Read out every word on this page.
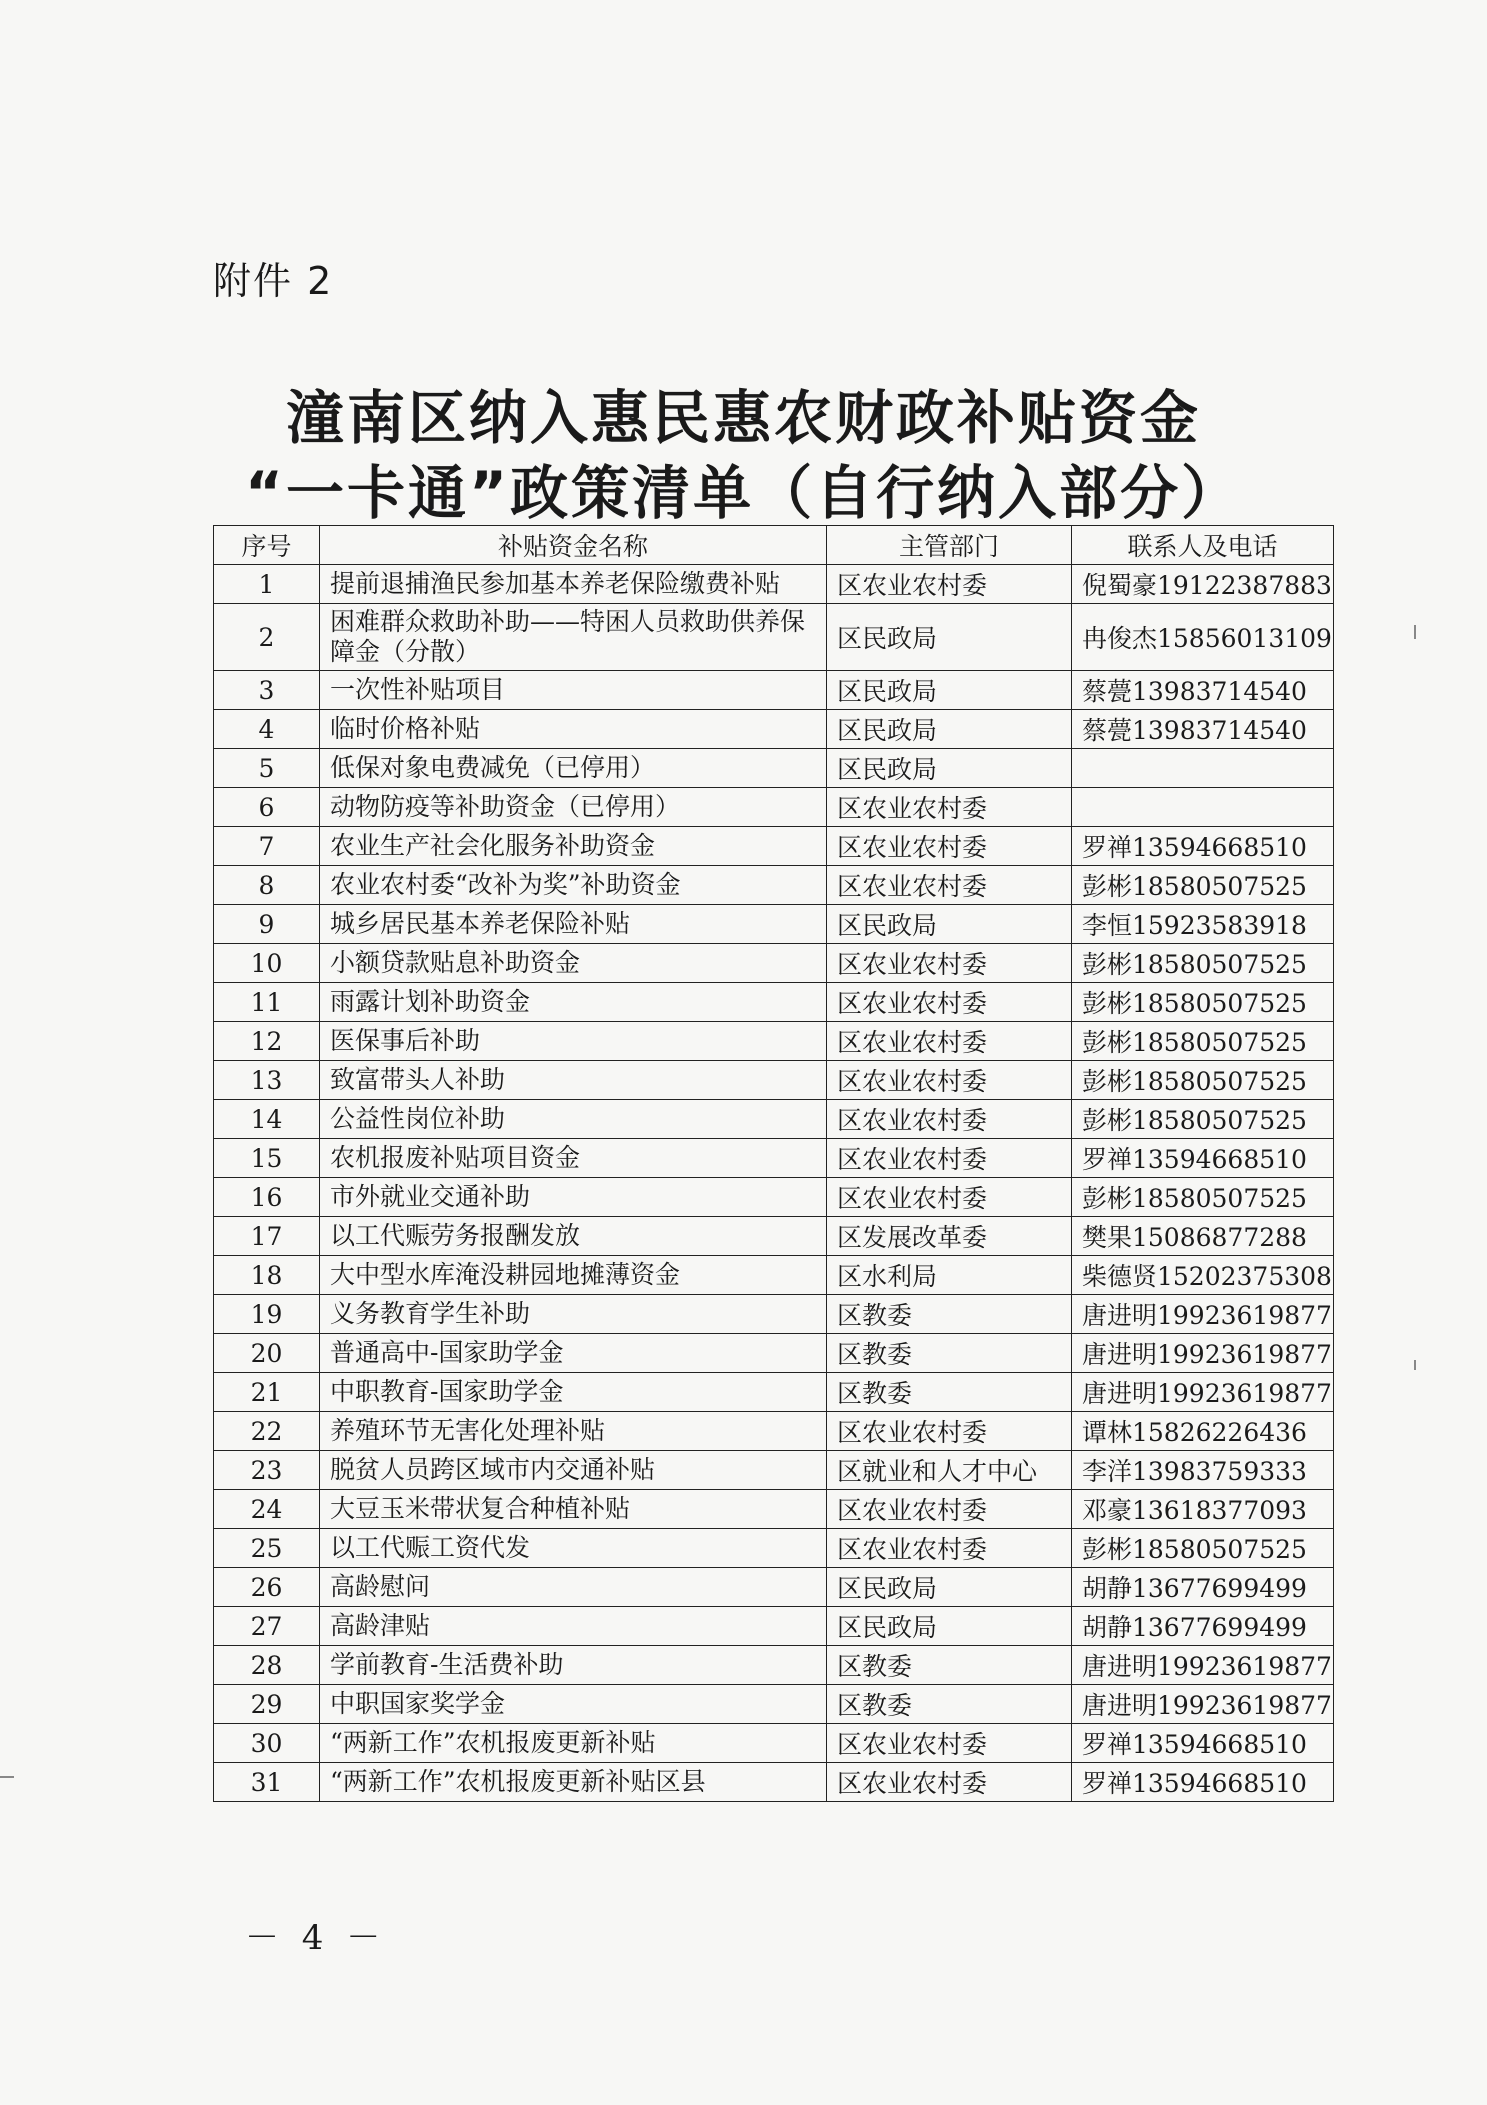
附件 2
潼南区纳入惠民惠农财政补贴资金
“一卡通”政策清单（自行纳入部分）
序号	补贴资金名称	主管部门	联系人及电话
1	提前退捕渔民参加基本养老保险缴费补贴	区农业农村委	倪蜀豪19122387883
2	困难群众救助补助——特困人员救助供养保障金（分散）	区民政局	冉俊杰15856013109
3	一次性补贴项目	区民政局	蔡甍13983714540
4	临时价格补贴	区民政局	蔡甍13983714540
5	低保对象电费减免（已停用）	区民政局	
6	动物防疫等补助资金（已停用）	区农业农村委	
7	农业生产社会化服务补助资金	区农业农村委	罗禅13594668510
8	农业农村委“改补为奖”补助资金	区农业农村委	彭彬18580507525
9	城乡居民基本养老保险补贴	区民政局	李恒15923583918
10	小额贷款贴息补助资金	区农业农村委	彭彬18580507525
11	雨露计划补助资金	区农业农村委	彭彬18580507525
12	医保事后补助	区农业农村委	彭彬18580507525
13	致富带头人补助	区农业农村委	彭彬18580507525
14	公益性岗位补助	区农业农村委	彭彬18580507525
15	农机报废补贴项目资金	区农业农村委	罗禅13594668510
16	市外就业交通补助	区农业农村委	彭彬18580507525
17	以工代赈劳务报酬发放	区发展改革委	樊果15086877288
18	大中型水库淹没耕园地摊薄资金	区水利局	柴德贤15202375308
19	义务教育学生补助	区教委	唐进明19923619877
20	普通高中-国家助学金	区教委	唐进明19923619877
21	中职教育-国家助学金	区教委	唐进明19923619877
22	养殖环节无害化处理补贴	区农业农村委	谭林15826226436
23	脱贫人员跨区域市内交通补贴	区就业和人才中心	李洋13983759333
24	大豆玉米带状复合种植补贴	区农业农村委	邓豪13618377093
25	以工代赈工资代发	区农业农村委	彭彬18580507525
26	高龄慰问	区民政局	胡静13677699499
27	高龄津贴	区民政局	胡静13677699499
28	学前教育-生活费补助	区教委	唐进明19923619877
29	中职国家奖学金	区教委	唐进明19923619877
30	“两新工作”农机报废更新补贴	区农业农村委	罗禅13594668510
31	“两新工作”农机报废更新补贴区县	区农业农村委	罗禅13594668510
－ 4 －
